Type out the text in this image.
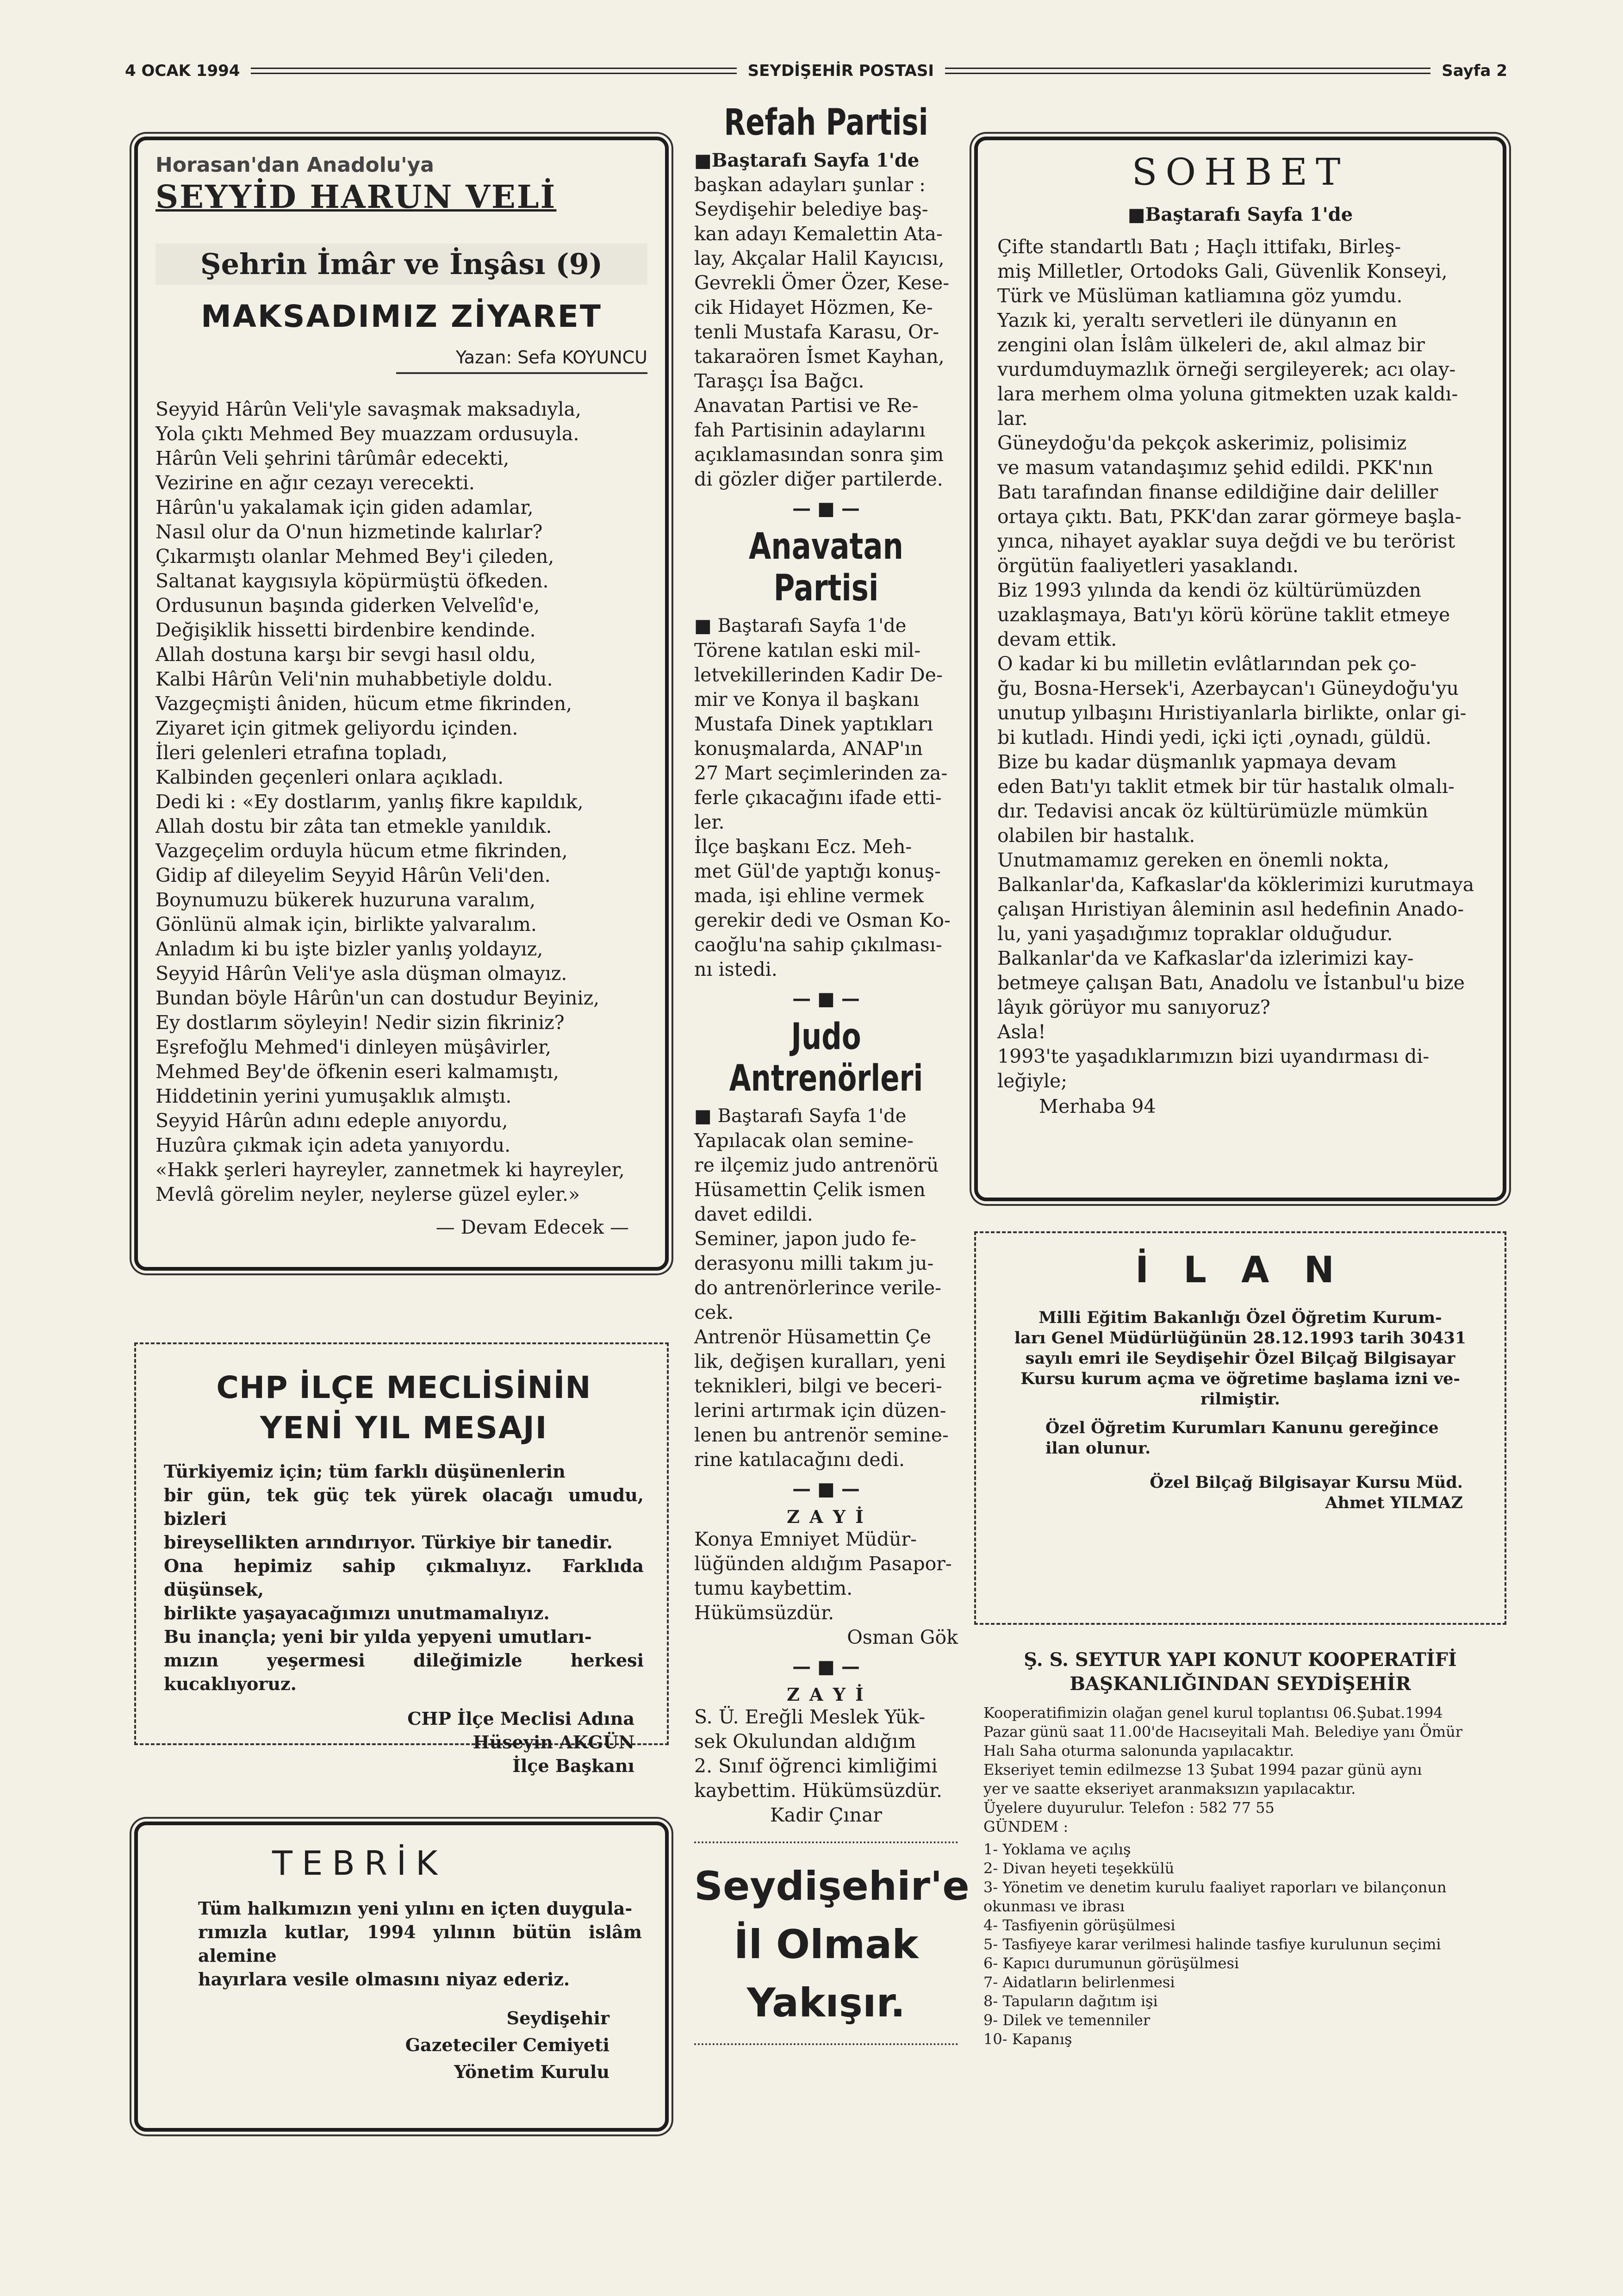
4 OCAK 1994	SEYDİŞEHİR POSTASI	Sayfa 2
Horasan'dan Anadolu'ya
SEYYİD HARUN VELİ
Şehrin İmâr ve İnşâsı (9)
MAKSADIMIZ ZİYARET
Yazan: Sefa KOYUNCU

Seyyid Hârûn Veli'yle savaşmak maksadıyla,

Yola çıktı Mehmed Bey muazzam ordusuyla.

Hârûn Veli şehrini târûmâr edecekti,

Vezirine en ağır cezayı verecekti.

Hârûn'u yakalamak için giden adamlar,

Nasıl olur da O'nun hizmetinde kalırlar?

Çıkarmıştı olanlar Mehmed Bey'i çileden,

Saltanat kaygısıyla köpürmüştü öfkeden.

Ordusunun başında giderken Velvelîd'e,

Değişiklik hissetti birdenbire kendinde.

Allah dostuna karşı bir sevgi hasıl oldu,

Kalbi Hârûn Veli'nin muhabbetiyle doldu.

Vazgeçmişti âniden, hücum etme fikrinden,

Ziyaret için gitmek geliyordu içinden.

İleri gelenleri etrafına topladı,

Kalbinden geçenleri onlara açıkladı.

Dedi ki : «Ey dostlarım, yanlış fikre kapıldık,

Allah dostu bir zâta tan etmekle yanıldık.

Vazgeçelim orduyla hücum etme fikrinden,

Gidip af dileyelim Seyyid Hârûn Veli'den.

Boynumuzu bükerek huzuruna varalım,

Gönlünü almak için, birlikte yalvaralım.

Anladım ki bu işte bizler yanlış yoldayız,

Seyyid Hârûn Veli'ye asla düşman olmayız.

Bundan böyle Hârûn'un can dostudur Beyiniz,

Ey dostlarım söyleyin! Nedir sizin fikriniz?

Eşrefoğlu Mehmed'i dinleyen müşâvirler,

Mehmed Bey'de öfkenin eseri kalmamıştı,

Hiddetinin yerini yumuşaklık almıştı.

Seyyid Hârûn adını edeple anıyordu,

Huzûra çıkmak için adeta yanıyordu.

«Hakk şerleri hayreyler, zannetmek ki hayreyler,

Mevlâ görelim neyler, neylerse güzel eyler.»

— Devam Edecek —
CHP İLÇE MECLİSİNİN
YENİ YIL MESAJI

Türkiyemiz için; tüm farklı düşünenlerin

bir gün, tek güç tek yürek olacağı umudu, bizleri

bireysellikten arındırıyor. Türkiye bir tanedir.

Ona hepimiz sahip çıkmalıyız. Farklıda düşünsek,

birlikte yaşayacağımızı unutmamalıyız.

Bu inançla; yeni bir yılda yepyeni umutları-

mızın yeşermesi dileğimizle herkesi kucaklıyoruz.

CHP İlçe Meclisi Adına

Hüseyin AKGÜN

İlçe Başkanı

TEBRİK

Tüm halkımızın yeni yılını en içten duygula-

rımızla kutlar, 1994 yılının bütün islâm alemine

hayırlara vesile olmasını niyaz ederiz.

Seydişehir

Gazeteciler Cemiyeti

Yönetim Kurulu

Refah Partisi

■Baştarafı Sayfa 1'de

başkan adayları şunlar :

Seydişehir belediye baş-

kan adayı Kemalettin Ata-

lay, Akçalar Halil Kayıcısı,

Gevrekli Ömer Özer, Kese-

cik Hidayet Hözmen, Ke-

tenli Mustafa Karasu, Or-

takaraören İsmet Kayhan,

Taraşçı İsa Bağcı.

Anavatan Partisi ve Re-

fah Partisinin adaylarını

açıklamasından sonra şim

di gözler diğer partilerde.

— ■ —
Anavatan Partisi

■ Baştarafı Sayfa 1'de

Törene katılan eski mil-

letvekillerinden Kadir De-

mir ve Konya il başkanı

Mustafa Dinek yaptıkları

konuşmalarda, ANAP'ın

27 Mart seçimlerinden za-

ferle çıkacağını ifade etti-

ler.

İlçe başkanı Ecz. Meh-

met Gül'de yaptığı konuş-

mada, işi ehline vermek

gerekir dedi ve Osman Ko-

caoğlu'na sahip çıkılması-

nı istedi.

— ■ —
Judo Antrenörleri

■ Baştarafı Sayfa 1'de

Yapılacak olan semine-

re ilçemiz judo antrenörü

Hüsamettin Çelik ismen

davet edildi.

Seminer, japon judo fe-

derasyonu milli takım ju-

do antrenörlerince verile-

cek.

Antrenör Hüsamettin Çe

lik, değişen kuralları, yeni

teknikleri, bilgi ve beceri-

lerini artırmak için düzen-

lenen bu antrenör semine-

rine katılacağını dedi.

— ■ —
Z A Y İ

Konya Emniyet Müdür-

lüğünden aldığım Pasapor-

tumu kaybettim.

Hükümsüzdür.

Osman Gök

— ■ —
Z A Y İ

S. Ü. Ereğli Meslek Yük-

sek Okulundan aldığım

2. Sınıf öğrenci kimliğimi

kaybettim. Hükümsüzdür.

Kadir Çınar

Seydişehir'e

İl Olmak

Yakışır.

SOHBET

■Baştarafı Sayfa 1'de

Çifte standartlı Batı ; Haçlı ittifakı, Birleş-

miş Milletler, Ortodoks Gali, Güvenlik Konseyi,

Türk ve Müslüman katliamına göz yumdu.

Yazık ki, yeraltı servetleri ile dünyanın en

zengini olan İslâm ülkeleri de, akıl almaz bir

vurdumduymazlık örneği sergileyerek; acı olay-

lara merhem olma yoluna gitmekten uzak kaldı-

lar.

Güneydoğu'da pekçok askerimiz, polisimiz

ve masum vatandaşımız şehid edildi. PKK'nın

Batı tarafından finanse edildiğine dair deliller

ortaya çıktı. Batı, PKK'dan zarar görmeye başla-

yınca, nihayet ayaklar suya değdi ve bu terörist

örgütün faaliyetleri yasaklandı.

Biz 1993 yılında da kendi öz kültürümüzden

uzaklaşmaya, Batı'yı körü körüne taklit etmeye

devam ettik.

O kadar ki bu milletin evlâtlarından pek ço-

ğu, Bosna-Hersek'i, Azerbaycan'ı Güneydoğu'yu

unutup yılbaşını Hıristiyanlarla birlikte, onlar gi-

bi kutladı. Hindi yedi, içki içti ,oynadı, güldü.

Bize bu kadar düşmanlık yapmaya devam

eden Batı'yı taklit etmek bir tür hastalık olmalı-

dır. Tedavisi ancak öz kültürümüzle mümkün

olabilen bir hastalık.

Unutmamamız gereken en önemli nokta,

Balkanlar'da, Kafkaslar'da köklerimizi kurutmaya

çalışan Hıristiyan âleminin asıl hedefinin Anado-

lu, yani yaşadığımız topraklar olduğudur.

Balkanlar'da ve Kafkaslar'da izlerimizi kay-

betmeye çalışan Batı, Anadolu ve İstanbul'u bize

lâyık görüyor mu sanıyoruz?

Asla!

1993'te yaşadıklarımızın bizi uyandırması di-

leğiyle;

Merhaba 94

İ L A N

Milli Eğitim Bakanlığı Özel Öğretim Kurum-

ları Genel Müdürlüğünün 28.12.1993 tarih 30431

sayılı emri ile Seydişehir Özel Bilçağ Bilgisayar

Kursu kurum açma ve öğretime başlama izni ve-

rilmiştir.

Özel Öğretim Kurumları Kanunu gereğince

ilan olunur.

Özel Bilçağ Bilgisayar Kursu Müd.

Ahmet YILMAZ

Ş. S. SEYTUR YAPI KONUT KOOPERATİFİ

BAŞKANLIĞINDAN SEYDİŞEHİR

Kooperatifimizin olağan genel kurul toplantısı 06.Şubat.1994

Pazar günü saat 11.00'de Hacıseyitali Mah. Belediye yanı Ömür

Halı Saha oturma salonunda yapılacaktır.

Ekseriyet temin edilmezse 13 Şubat 1994 pazar günü aynı

yer ve saatte ekseriyet aranmaksızın yapılacaktır.

Üyelere duyurulur. Telefon : 582 77 55

GÜNDEM :

1- Yoklama ve açılış

2- Divan heyeti teşekkülü

3- Yönetim ve denetim kurulu faaliyet raporları ve bilançonun

okunması ve ibrası

4- Tasfiyenin görüşülmesi

5- Tasfiyeye karar verilmesi halinde tasfiye kurulunun seçimi

6- Kapıcı durumunun görüşülmesi

7- Aidatların belirlenmesi

8- Tapuların dağıtım işi

9- Dilek ve temenniler

10- Kapanış
